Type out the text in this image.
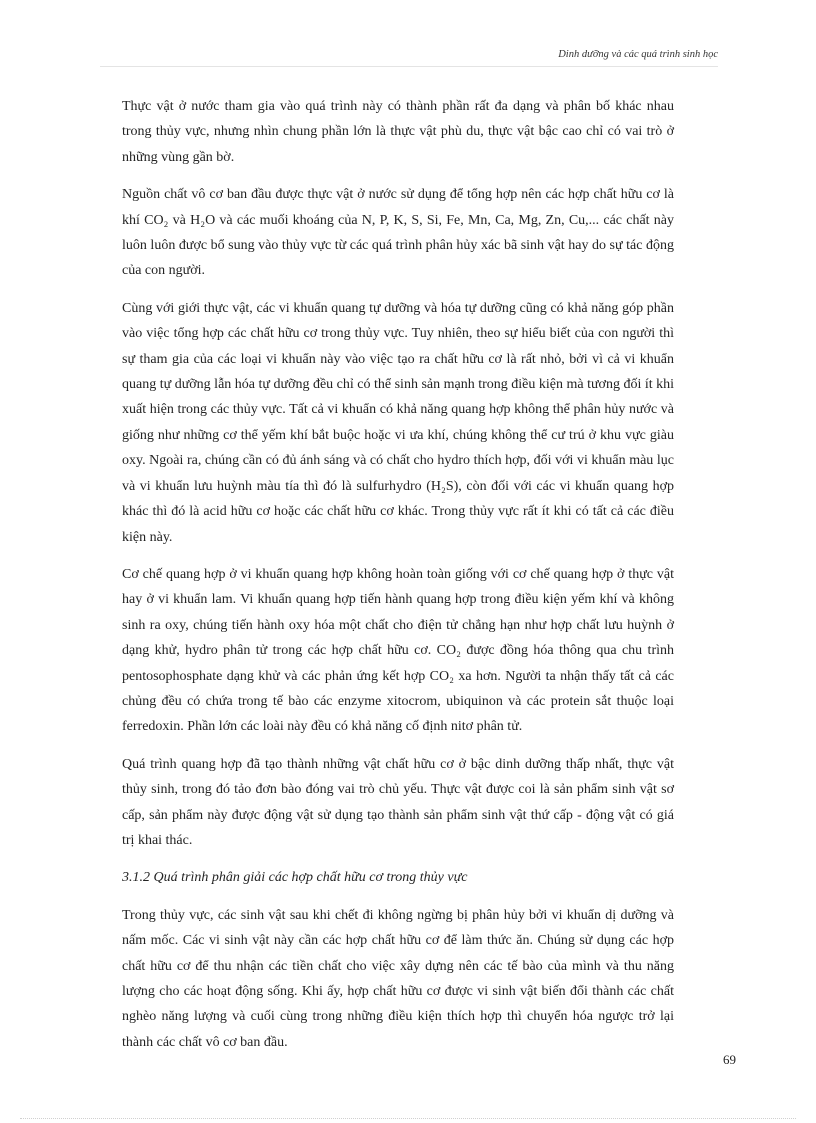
Dinh dưỡng và các quá trình sinh học

Thực vật ở nước tham gia vào quá trình này có thành phần rất đa dạng và phân bố khác nhau trong thủy vực, nhưng nhìn chung phần lớn là thực vật phù du, thực vật bậc cao chỉ có vai trò ở những vùng gần bờ.

Nguồn chất vô cơ ban đầu được thực vật ở nước sử dụng để tổng hợp nên các hợp chất hữu cơ là khí CO₂ và H₂O và các muối khoáng của N, P, K, S, Si, Fe, Mn, Ca, Mg, Zn, Cu,... các chất này luôn luôn được bổ sung vào thủy vực từ các quá trình phân hủy xác bã sinh vật hay do sự tác động của con người.

Cùng với giới thực vật, các vi khuẩn quang tự dưỡng và hóa tự dưỡng cũng có khả năng góp phần vào việc tổng hợp các chất hữu cơ trong thủy vực. Tuy nhiên, theo sự hiểu biết của con người thì sự tham gia của các loại vi khuẩn này vào việc tạo ra chất hữu cơ là rất nhỏ, bởi vì cả vi khuẩn quang tự dưỡng lẫn hóa tự dưỡng đều chỉ có thể sinh sản mạnh trong điều kiện mà tương đối ít khi xuất hiện trong các thủy vực. Tất cả vi khuẩn có khả năng quang hợp không thể phân hủy nước và giống như những cơ thể yếm khí bắt buộc hoặc vi ưa khí, chúng không thể cư trú ở khu vực giàu oxy. Ngoài ra, chúng cần có đủ ánh sáng và có chất cho hydro thích hợp, đối với vi khuẩn màu lục và vi khuẩn lưu huỳnh màu tía thì đó là sulfurhydro (H₂S), còn đối với các vi khuẩn quang hợp khác thì đó là acid hữu cơ hoặc các chất hữu cơ khác. Trong thủy vực rất ít khi có tất cả các điều kiện này.

Cơ chế quang hợp ở vi khuẩn quang hợp không hoàn toàn giống với cơ chế quang hợp ở thực vật hay ở vi khuẩn lam. Vi khuẩn quang hợp tiến hành quang hợp trong điều kiện yếm khí và không sinh ra oxy, chúng tiến hành oxy hóa một chất cho điện tử chẳng hạn như hợp chất lưu huỳnh ở dạng khử, hydro phân tử trong các hợp chất hữu cơ. CO₂ được đồng hóa thông qua chu trình pentosophosphate dạng khử và các phản ứng kết hợp CO₂ xa hơn. Người ta nhận thấy tất cả các chủng đều có chứa trong tế bào các enzyme xitocrom, ubiquinon và các protein sắt thuộc loại ferredoxin. Phần lớn các loài này đều có khả năng cố định nitơ phân tử.

Quá trình quang hợp đã tạo thành những vật chất hữu cơ ở bậc dinh dưỡng thấp nhất, thực vật thủy sinh, trong đó tảo đơn bào đóng vai trò chủ yếu. Thực vật được coi là sản phẩm sinh vật sơ cấp, sản phẩm này được động vật sử dụng tạo thành sản phẩm sinh vật thứ cấp - động vật có giá trị khai thác.

3.1.2 Quá trình phân giải các hợp chất hữu cơ trong thủy vực

Trong thủy vực, các sinh vật sau khi chết đi không ngừng bị phân hủy bởi vi khuẩn dị dưỡng và nấm mốc. Các vi sinh vật này cần các hợp chất hữu cơ để làm thức ăn. Chúng sử dụng các hợp chất hữu cơ để thu nhận các tiền chất cho việc xây dựng nên các tế bào của mình và thu năng lượng cho các hoạt động sống. Khi ấy, hợp chất hữu cơ được vi sinh vật biến đổi thành các chất nghèo năng lượng và cuối cùng trong những điều kiện thích hợp thì chuyển hóa ngược trở lại thành các chất vô cơ ban đầu.

69
